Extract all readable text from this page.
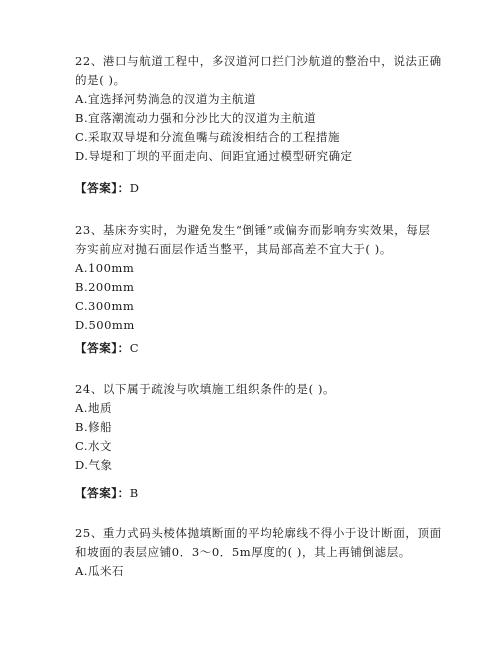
22、港口与航道工程中，多汊道河口拦门沙航道的整治中，说法正确
的是( )。
A.宜选择河势淌急的汊道为主航道
B.宜落潮流动力强和分沙比大的汊道为主航道
C.采取双导堤和分流鱼嘴与疏浚相结合的工程措施
D.导堤和丁坝的平面走向、间距宜通过模型研究确定
【答案】：D
23、基床夯实时，为避免发生“倒锤”或偏夯而影响夯实效果，每层
夯实前应对抛石面层作适当整平，其局部高差不宜大于( )。
A.100mm
B.200mm
C.300mm
D.500mm
【答案】：C
24、以下属于疏浚与吹填施工组织条件的是( )。
A.地质
B.修船
C.水文
D.气象
【答案】：B
25、重力式码头棱体抛填断面的平均轮廓线不得小于设计断面，顶面
和坡面的表层应铺0．3～0．5m厚度的( )，其上再铺倒滤层。
A.瓜米石
